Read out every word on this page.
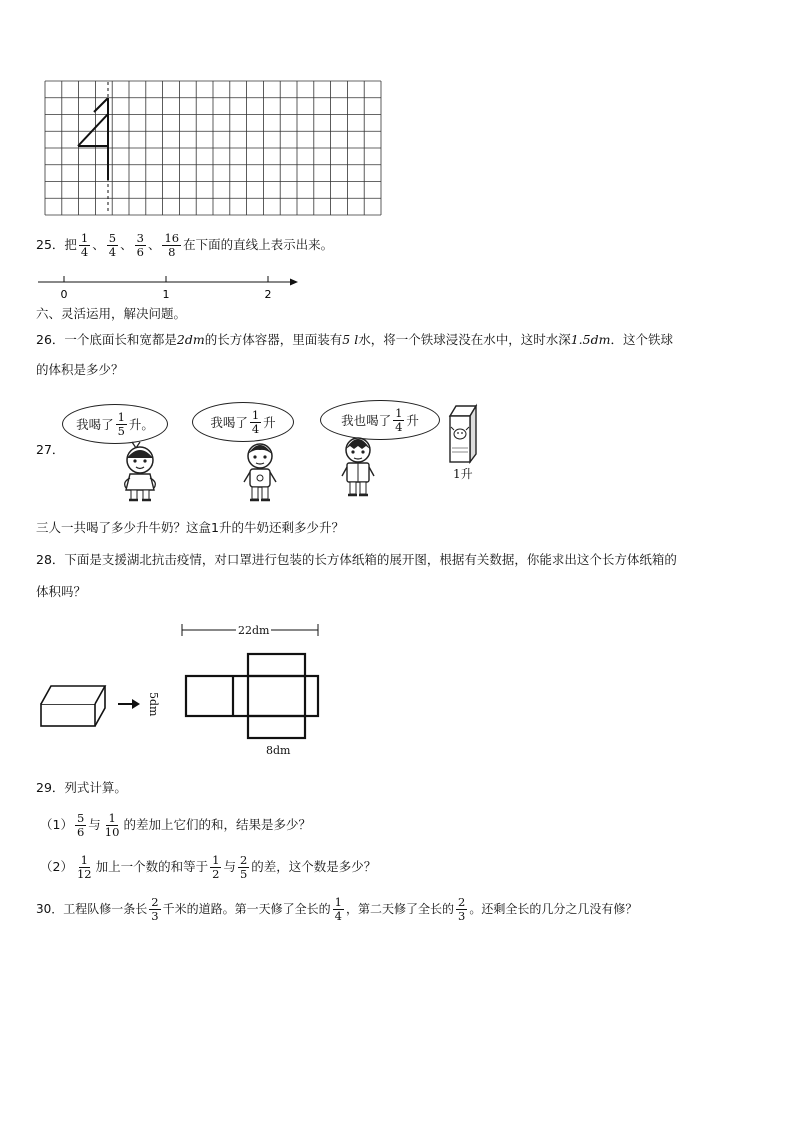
25．把 $\frac{1}{4}$ 、 $\frac{5}{4}$ 、 $\frac{3}{6}$ 、 $\frac{16}{8}$ 在下面的直线上表示出来。
0	1	2
六、灵活运用，解决问题。
26．一个底面长和宽都是2dm的长方体容器，里面装有5 l水，将一个铁球浸没在水中，这时水深1.5dm．这个铁球
的体积是多少？
27．
我喝了 $\frac{1}{5}$ 升。	我喝了 $\frac{1}{4}$ 升	我也喝了 $\frac{1}{4}$ 升
1升
三人一共喝了多少升牛奶？这盒1升的牛奶还剩多少升？
28．下面是支援湖北抗击疫情，对口罩进行包装的长方体纸箱的展开图，根据有关数据，你能求出这个长方体纸箱的
体积吗？
22dm
5dm
8dm
29．列式计算。
$(1) \frac{5}{6}$ 与 $\frac{1}{10}$ 的差加上它们的和，结果是多少？
$(2) \frac{1}{12}$ 加上一个数的和等于 $\frac{1}{2}$ 与 $\frac{2}{5}$ 的差，这个数是多少？
30．工程队修一条长 $\frac{2}{3}$ 千米的道路。第一天修了全长的 $\frac{1}{4}$ ，第二天修了全长的 $\frac{2}{3}$ 。还剩全长的几分之几没有修？
